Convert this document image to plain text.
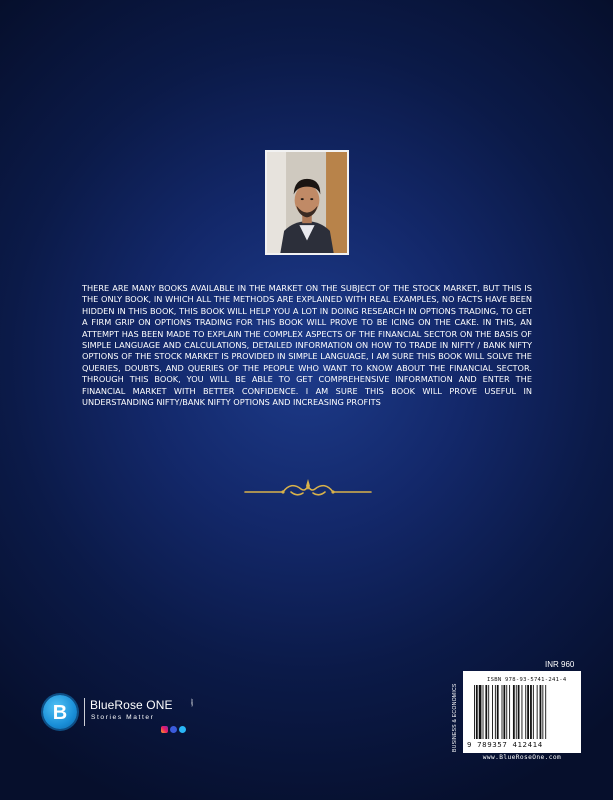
THERE ARE MANY BOOKS AVAILABLE IN THE MARKET ON THE SUBJECT OF THE STOCK MARKET, BUT THIS IS THE ONLY BOOK, IN WHICH ALL THE METHODS ARE EXPLAINED WITH REAL EXAMPLES, NO FACTS HAVE BEEN HIDDEN IN THIS BOOK, THIS BOOK WILL HELP YOU A LOT IN DOING RESEARCH IN OPTIONS TRADING, TO GET A FIRM GRIP ON OPTIONS TRADING FOR THIS BOOK WILL PROVE TO BE ICING ON THE CAKE. IN THIS, AN ATTEMPT HAS BEEN MADE TO EXPLAIN THE COMPLEX ASPECTS OF THE FINANCIAL SECTOR ON THE BASIS OF SIMPLE LANGUAGE AND CALCULATIONS, DETAILED INFORMATION ON HOW TO TRADE IN NIFTY / BANK NIFTY OPTIONS OF THE STOCK MARKET IS PROVIDED IN SIMPLE LANGUAGE, I AM SURE THIS BOOK WILL SOLVE THE QUERIES, DOUBTS, AND QUERIES OF THE PEOPLE WHO WANT TO KNOW ABOUT THE FINANCIAL SECTOR. THROUGH THIS BOOK, YOU WILL BE ABLE TO GET COMPREHENSIVE INFORMATION AND ENTER THE FINANCIAL MARKET WITH BETTER CONFIDENCE. I AM SURE THIS BOOK WILL PROVE USEFUL IN UNDERSTANDING NIFTY/BANK NIFTY OPTIONS AND INCREASING PROFITS

INR 960
BUSINESS & ECONOMICS
ISBN 978-93-5741-241-4
9 789357 412414
www.BlueRoseOne.com
B BlueRose ONE	.com
Stories Matter
